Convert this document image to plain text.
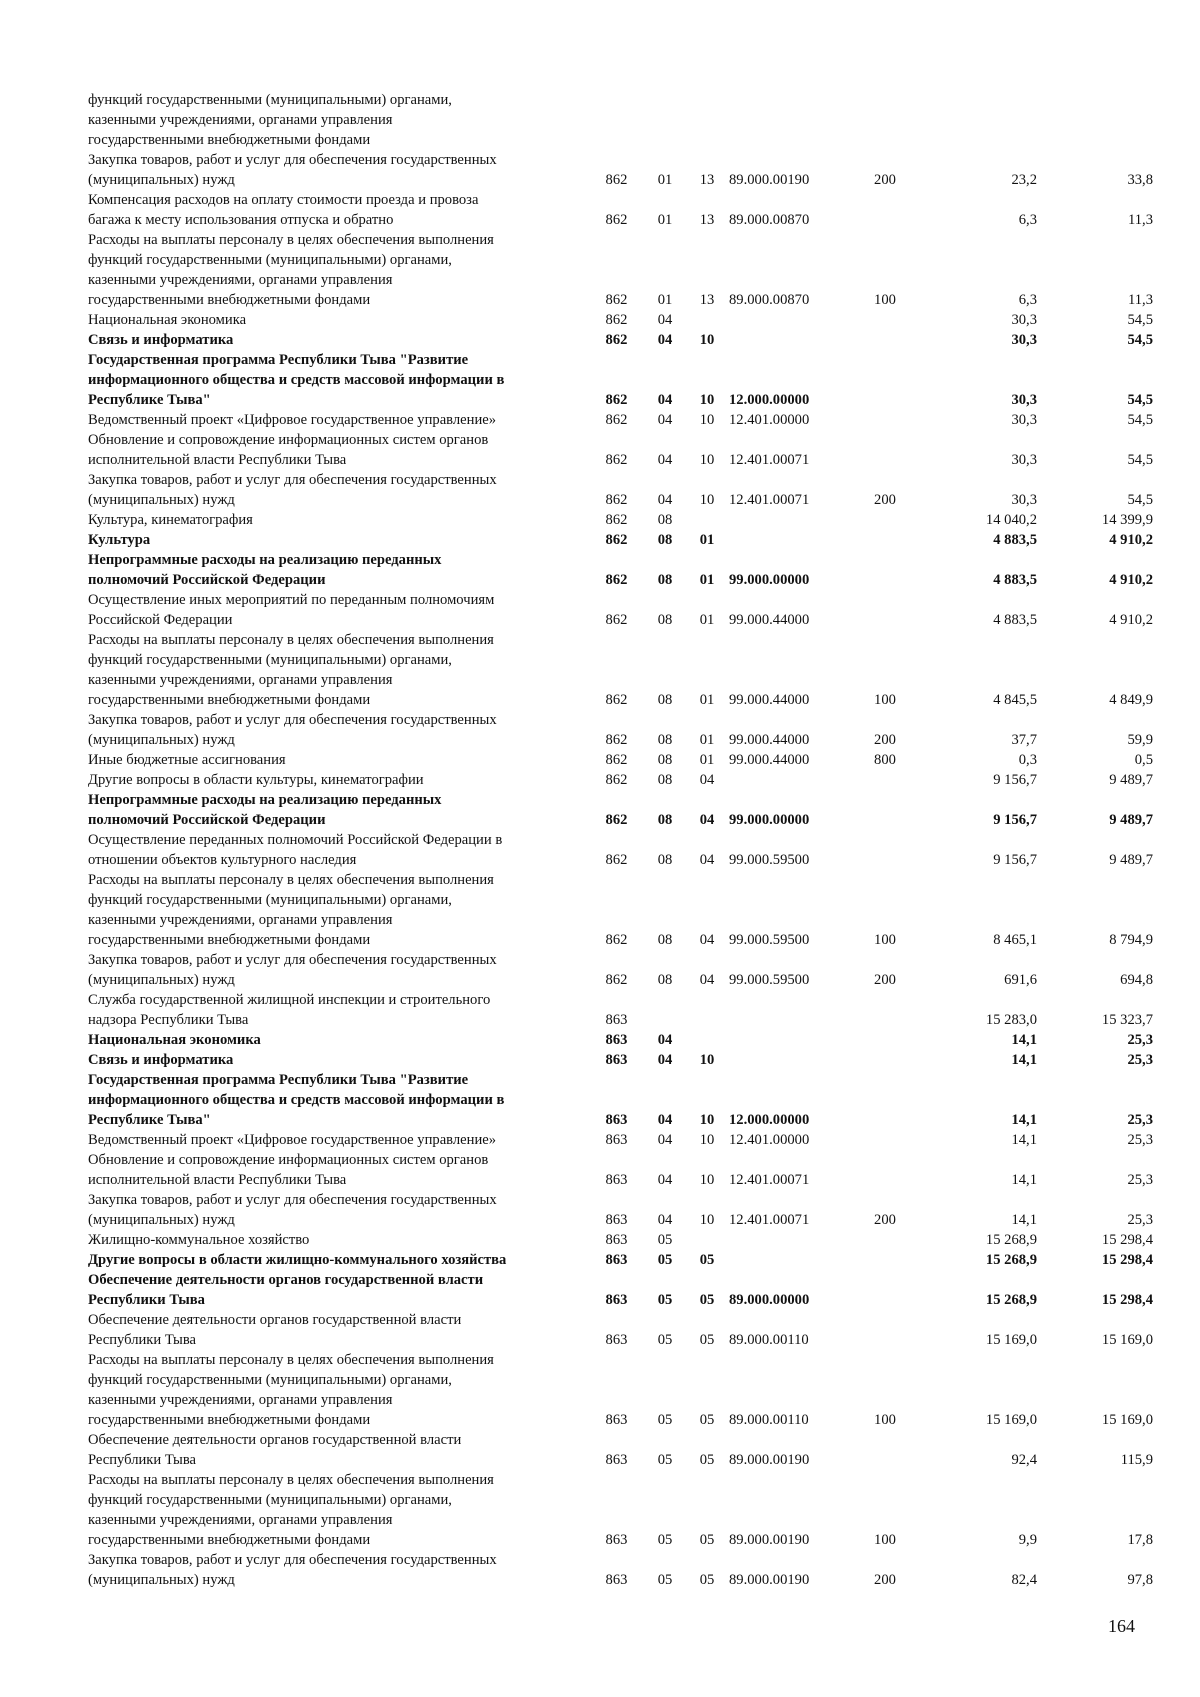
функций государственными (муниципальными) органами,							
казенными учреждениями, органами управления							
государственными внебюджетными фондами							
Закупка товаров, работ и услуг для обеспечения государственных							
(муниципальных) нужд	862	01	13	89.000.00190	200	23,2	33,8
Компенсация расходов на оплату стоимости проезда и провоза							
багажа к месту использования отпуска и обратно	862	01	13	89.000.00870		6,3	11,3
Расходы на выплаты персоналу в целях обеспечения выполнения							
функций государственными (муниципальными) органами,							
казенными учреждениями, органами управления							
государственными внебюджетными фондами	862	01	13	89.000.00870	100	6,3	11,3
Национальная экономика	862	04				30,3	54,5
Связь и информатика	862	04	10			30,3	54,5
Государственная программа Республики Тыва "Развитие							
информационного общества и средств массовой информации в							
Республике Тыва"	862	04	10	12.000.00000		30,3	54,5
Ведомственный проект «Цифровое государственное управление»	862	04	10	12.401.00000		30,3	54,5
Обновление и сопровождение информационных систем органов							
исполнительной власти Республики Тыва	862	04	10	12.401.00071		30,3	54,5
Закупка товаров, работ и услуг для обеспечения государственных							
(муниципальных) нужд	862	04	10	12.401.00071	200	30,3	54,5
Культура, кинематография	862	08				14 040,2	14 399,9
Культура	862	08	01			4 883,5	4 910,2
Непрограммные расходы на реализацию переданных							
полномочий Российской Федерации	862	08	01	99.000.00000		4 883,5	4 910,2
Осуществление иных мероприятий по переданным полномочиям							
Российской Федерации	862	08	01	99.000.44000		4 883,5	4 910,2
Расходы на выплаты персоналу в целях обеспечения выполнения							
функций государственными (муниципальными) органами,							
казенными учреждениями, органами управления							
государственными внебюджетными фондами	862	08	01	99.000.44000	100	4 845,5	4 849,9
Закупка товаров, работ и услуг для обеспечения государственных							
(муниципальных) нужд	862	08	01	99.000.44000	200	37,7	59,9
Иные бюджетные ассигнования	862	08	01	99.000.44000	800	0,3	0,5
Другие вопросы в области культуры, кинематографии	862	08	04			9 156,7	9 489,7
Непрограммные расходы на реализацию переданных							
полномочий Российской Федерации	862	08	04	99.000.00000		9 156,7	9 489,7
Осуществление переданных полномочий Российской Федерации в							
отношении объектов культурного наследия	862	08	04	99.000.59500		9 156,7	9 489,7
Расходы на выплаты персоналу в целях обеспечения выполнения							
функций государственными (муниципальными) органами,							
казенными учреждениями, органами управления							
государственными внебюджетными фондами	862	08	04	99.000.59500	100	8 465,1	8 794,9
Закупка товаров, работ и услуг для обеспечения государственных							
(муниципальных) нужд	862	08	04	99.000.59500	200	691,6	694,8
Служба государственной жилищной инспекции и строительного							
надзора Республики Тыва	863					15 283,0	15 323,7
Национальная экономика	863	04				14,1	25,3
Связь и информатика	863	04	10			14,1	25,3
Государственная программа Республики Тыва "Развитие							
информационного общества и средств массовой информации в							
Республике Тыва"	863	04	10	12.000.00000		14,1	25,3
Ведомственный проект «Цифровое государственное управление»	863	04	10	12.401.00000		14,1	25,3
Обновление и сопровождение информационных систем органов							
исполнительной власти Республики Тыва	863	04	10	12.401.00071		14,1	25,3
Закупка товаров, работ и услуг для обеспечения государственных							
(муниципальных) нужд	863	04	10	12.401.00071	200	14,1	25,3
Жилищно-коммунальное хозяйство	863	05				15 268,9	15 298,4
Другие вопросы в области жилищно-коммунального хозяйства	863	05	05			15 268,9	15 298,4
Обеспечение деятельности органов государственной власти							
Республики Тыва	863	05	05	89.000.00000		15 268,9	15 298,4
Обеспечение деятельности органов государственной власти							
Республики Тыва	863	05	05	89.000.00110		15 169,0	15 169,0
Расходы на выплаты персоналу в целях обеспечения выполнения							
функций государственными (муниципальными) органами,							
казенными учреждениями, органами управления							
государственными внебюджетными фондами	863	05	05	89.000.00110	100	15 169,0	15 169,0
Обеспечение деятельности органов государственной власти							
Республики Тыва	863	05	05	89.000.00190		92,4	115,9
Расходы на выплаты персоналу в целях обеспечения выполнения							
функций государственными (муниципальными) органами,							
казенными учреждениями, органами управления							
государственными внебюджетными фондами	863	05	05	89.000.00190	100	9,9	17,8
Закупка товаров, работ и услуг для обеспечения государственных							
(муниципальных) нужд	863	05	05	89.000.00190	200	82,4	97,8
164
